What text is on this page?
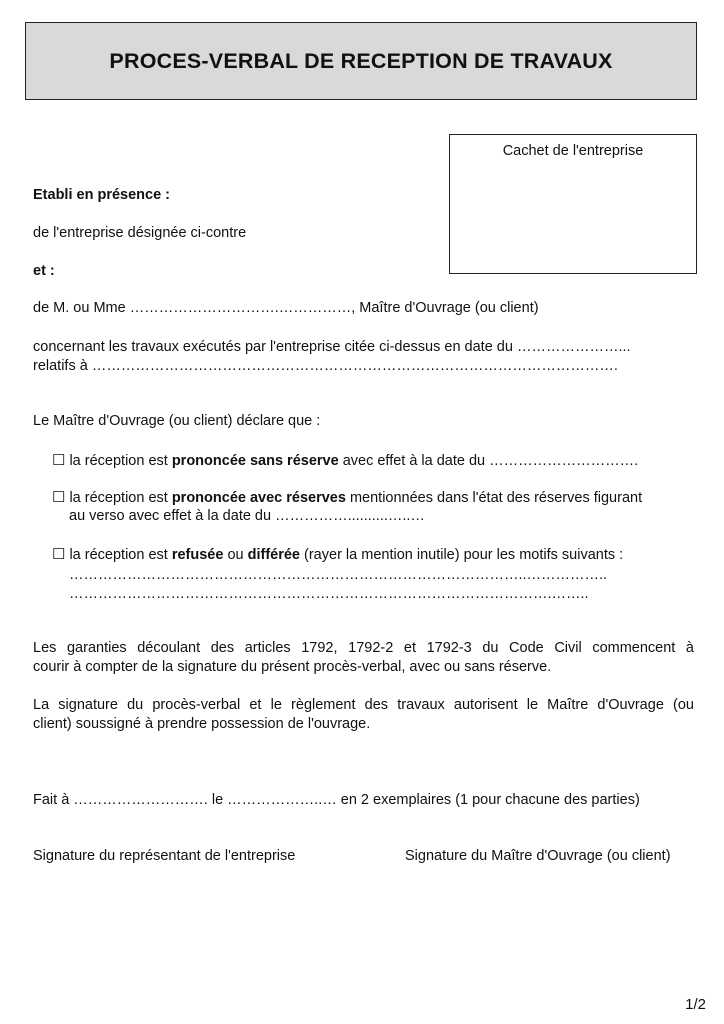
PROCES-VERBAL DE RECEPTION DE TRAVAUX
Cachet de l'entreprise
Etabli en présence :
de l'entreprise désignée ci-contre
et :
de M. ou Mme ………………………….……………, Maître d'Ouvrage (ou client)
concernant les travaux exécutés par l'entreprise citée ci-dessus en date du …………………...
relatifs à ……………………………………………………………………………………………….
Le Maître d'Ouvrage (ou client) déclare que :
☐ la réception est prononcée sans réserve avec effet à la date du ………………………….
☐ la réception est prononcée avec réserves mentionnées dans l'état des réserves figurant
au verso avec effet à la date du ……………..........…..…
☐ la réception est refusée ou différée (rayer la mention inutile) pour les motifs suivants :
…………………………………………………………………………………..……………..
……………………………………………………………………………………….……..
Les garanties découlant des articles 1792, 1792-2 et 1792-3 du Code Civil commencent à
courir à compter de la signature du présent procès-verbal, avec ou sans réserve.
La signature du procès-verbal et le règlement des travaux autorisent le Maître d'Ouvrage (ou
client) soussigné à prendre possession de l'ouvrage.
Fait à ………………………. le ………………..… en 2 exemplaires (1 pour chacune des parties)
Signature du représentant de l'entreprise	Signature du Maître d'Ouvrage (ou client)
1/2
